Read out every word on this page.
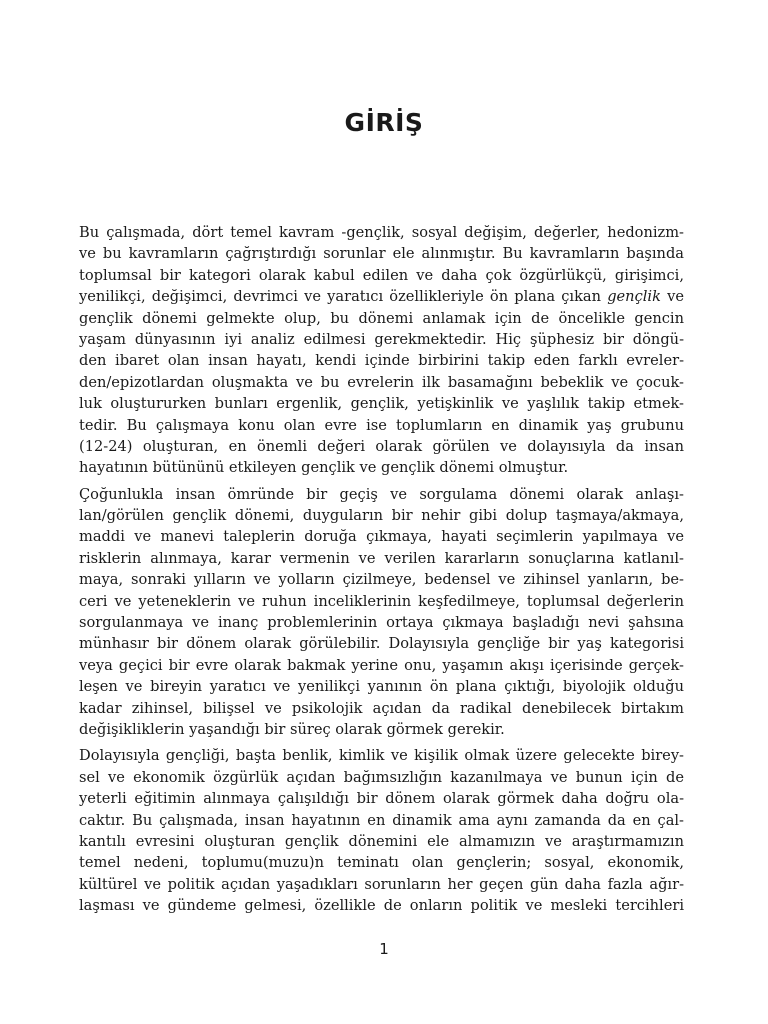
GİRİŞ

Bu çalışmada, dört temel kavram -gençlik, sosyal değişim, değerler, hedonizm-
ve bu kavramların çağrıştırdığı sorunlar ele alınmıştır. Bu kavramların başında
toplumsal bir kategori olarak kabul edilen ve daha çok özgürlükçü, girişimci,
yenilikçi, değişimci, devrimci ve yaratıcı özellikleriyle ön plana çıkan gençlik ve
gençlik dönemi gelmekte olup, bu dönemi anlamak için de öncelikle gencin
yaşam dünyasının iyi analiz edilmesi gerekmektedir. Hiç şüphesiz bir döngü-
den ibaret olan insan hayatı, kendi içinde birbirini takip eden farklı evreler-
den/epizotlardan oluşmakta ve bu evrelerin ilk basamağını bebeklik ve çocuk-
luk oluştururken bunları ergenlik, gençlik, yetişkinlik ve yaşlılık takip etmek-
tedir. Bu çalışmaya konu olan evre ise toplumların en dinamik yaş grubunu
(12-24) oluşturan, en önemli değeri olarak görülen ve dolayısıyla da insan
hayatının bütününü etkileyen gençlik ve gençlik dönemi olmuştur.

Çoğunlukla insan ömründe bir geçiş ve sorgulama dönemi olarak anlaşı-
lan/görülen gençlik dönemi, duyguların bir nehir gibi dolup taşmaya/akmaya,
maddi ve manevi taleplerin doruğa çıkmaya, hayati seçimlerin yapılmaya ve
risklerin alınmaya, karar vermenin ve verilen kararların sonuçlarına katlanıl-
maya, sonraki yılların ve yolların çizilmeye, bedensel ve zihinsel yanların, be-
ceri ve yeteneklerin ve ruhun inceliklerinin keşfedilmeye, toplumsal değerlerin
sorgulanmaya ve inanç problemlerinin ortaya çıkmaya başladığı nevi şahsına
münhasır bir dönem olarak görülebilir. Dolayısıyla gençliğe bir yaş kategorisi
veya geçici bir evre olarak bakmak yerine onu, yaşamın akışı içerisinde gerçek-
leşen ve bireyin yaratıcı ve yenilikçi yanının ön plana çıktığı, biyolojik olduğu
kadar zihinsel, bilişsel ve psikolojik açıdan da radikal denebilecek birtakım
değişikliklerin yaşandığı bir süreç olarak görmek gerekir.

Dolayısıyla gençliği, başta benlik, kimlik ve kişilik olmak üzere gelecekte birey-
sel ve ekonomik özgürlük açıdan bağımsızlığın kazanılmaya ve bunun için de
yeterli eğitimin alınmaya çalışıldığı bir dönem olarak görmek daha doğru ola-
caktır. Bu çalışmada, insan hayatının en dinamik ama aynı zamanda da en çal-
kantılı evresini oluşturan gençlik dönemini ele almamızın ve araştırmamızın
temel nedeni, toplumu(muzu)n teminatı olan gençlerin; sosyal, ekonomik,
kültürel ve politik açıdan yaşadıkları sorunların her geçen gün daha fazla ağır-
laşması ve gündeme gelmesi, özellikle de onların politik ve mesleki tercihleri

1
